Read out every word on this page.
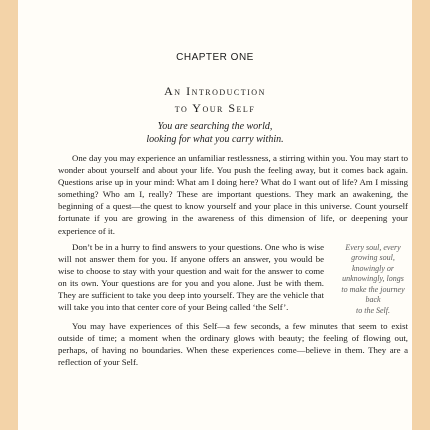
CHAPTER ONE
An Introduction
to Your Self
You are searching the world,
looking for what you carry within.

One day you may experience an unfamiliar restlessness, a stirring within you. You may start to wonder about yourself and about your life. You push the feeling away, but it comes back again. Questions arise up in your mind: What am I doing here? What do I want out of life? Am I missing something? Who am I, really? These are important questions. They mark an awakening, the beginning of a quest—the quest to know yourself and your place in this universe. Count yourself fortunate if you are growing in the awareness of this dimension of life, or deepening your experience of it.

Don’t be in a hurry to find answers to your questions. One who is wise will not answer them for you. If anyone offers an answer, you would be wise to choose to stay with your question and wait for the answer to come on its own. Your questions are for you and you alone. Just be with them. They are sufficient to take you deep into yourself. They are the vehicle that will take you into that center core of your Being called ‘the Self’.

Every soul, every
growing soul,
knowingly or
unknowingly, longs
to make the journey
back
to the Self.

You may have experiences of this Self—a few seconds, a few minutes that seem to exist outside of time; a moment when the ordinary glows with beauty; the feeling of flowing out, perhaps, of having no boundaries. When these experiences come—believe in them. They are a reflection of your Self.
